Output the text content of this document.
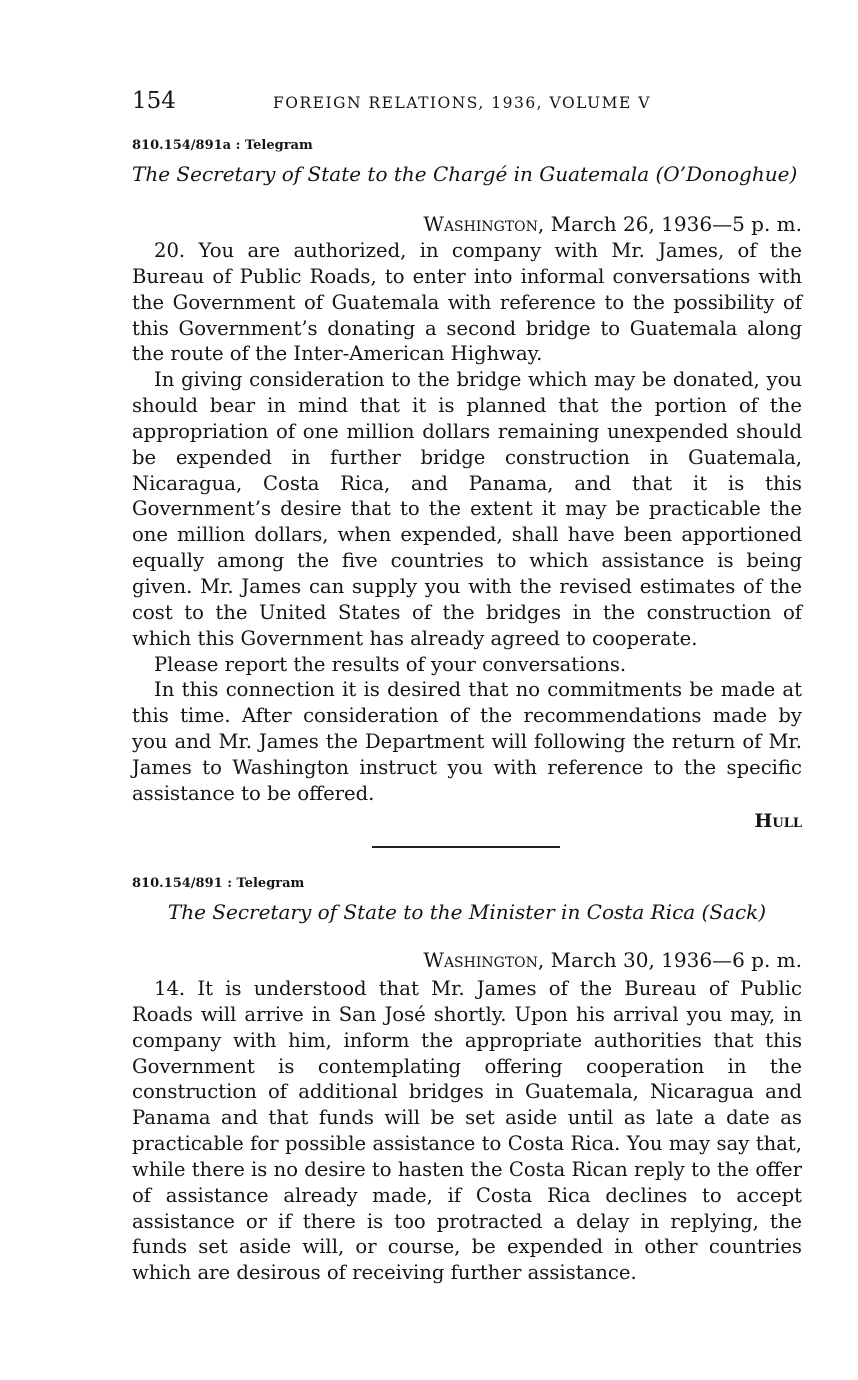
154	FOREIGN RELATIONS, 1936, VOLUME V

810.154/891a : Telegram

The Secretary of State to the Chargé in Guatemala (O’Donoghue)

Washington, March 26, 1936—5 p. m.

20. You are authorized, in company with Mr. James, of the Bureau of Public Roads, to enter into informal conversations with the Government of Guatemala with reference to the possibility of this Government’s donating a second bridge to Guatemala along the route of the Inter-American Highway.

In giving consideration to the bridge which may be donated, you should bear in mind that it is planned that the portion of the appropriation of one million dollars remaining unexpended should be expended in further bridge construction in Guatemala, Nicaragua, Costa Rica, and Panama, and that it is this Government’s desire that to the extent it may be practicable the one million dollars, when expended, shall have been apportioned equally among the five countries to which assistance is being given. Mr. James can supply you with the revised estimates of the cost to the United States of the bridges in the construction of which this Government has already agreed to cooperate.

Please report the results of your conversations.

In this connection it is desired that no commitments be made at this time. After consideration of the recommendations made by you and Mr. James the Department will following the return of Mr. James to Washington instruct you with reference to the specific assistance to be offered.

Hull

810.154/891 : Telegram

The Secretary of State to the Minister in Costa Rica (Sack)

Washington, March 30, 1936—6 p. m.

14. It is understood that Mr. James of the Bureau of Public Roads will arrive in San José shortly. Upon his arrival you may, in company with him, inform the appropriate authorities that this Government is contemplating offering cooperation in the construction of additional bridges in Guatemala, Nicaragua and Panama and that funds will be set aside until as late a date as practicable for possible assistance to Costa Rica. You may say that, while there is no desire to hasten the Costa Rican reply to the offer of assistance already made, if Costa Rica declines to accept assistance or if there is too protracted a delay in replying, the funds set aside will, or course, be expended in other countries which are desirous of receiving further assistance.
